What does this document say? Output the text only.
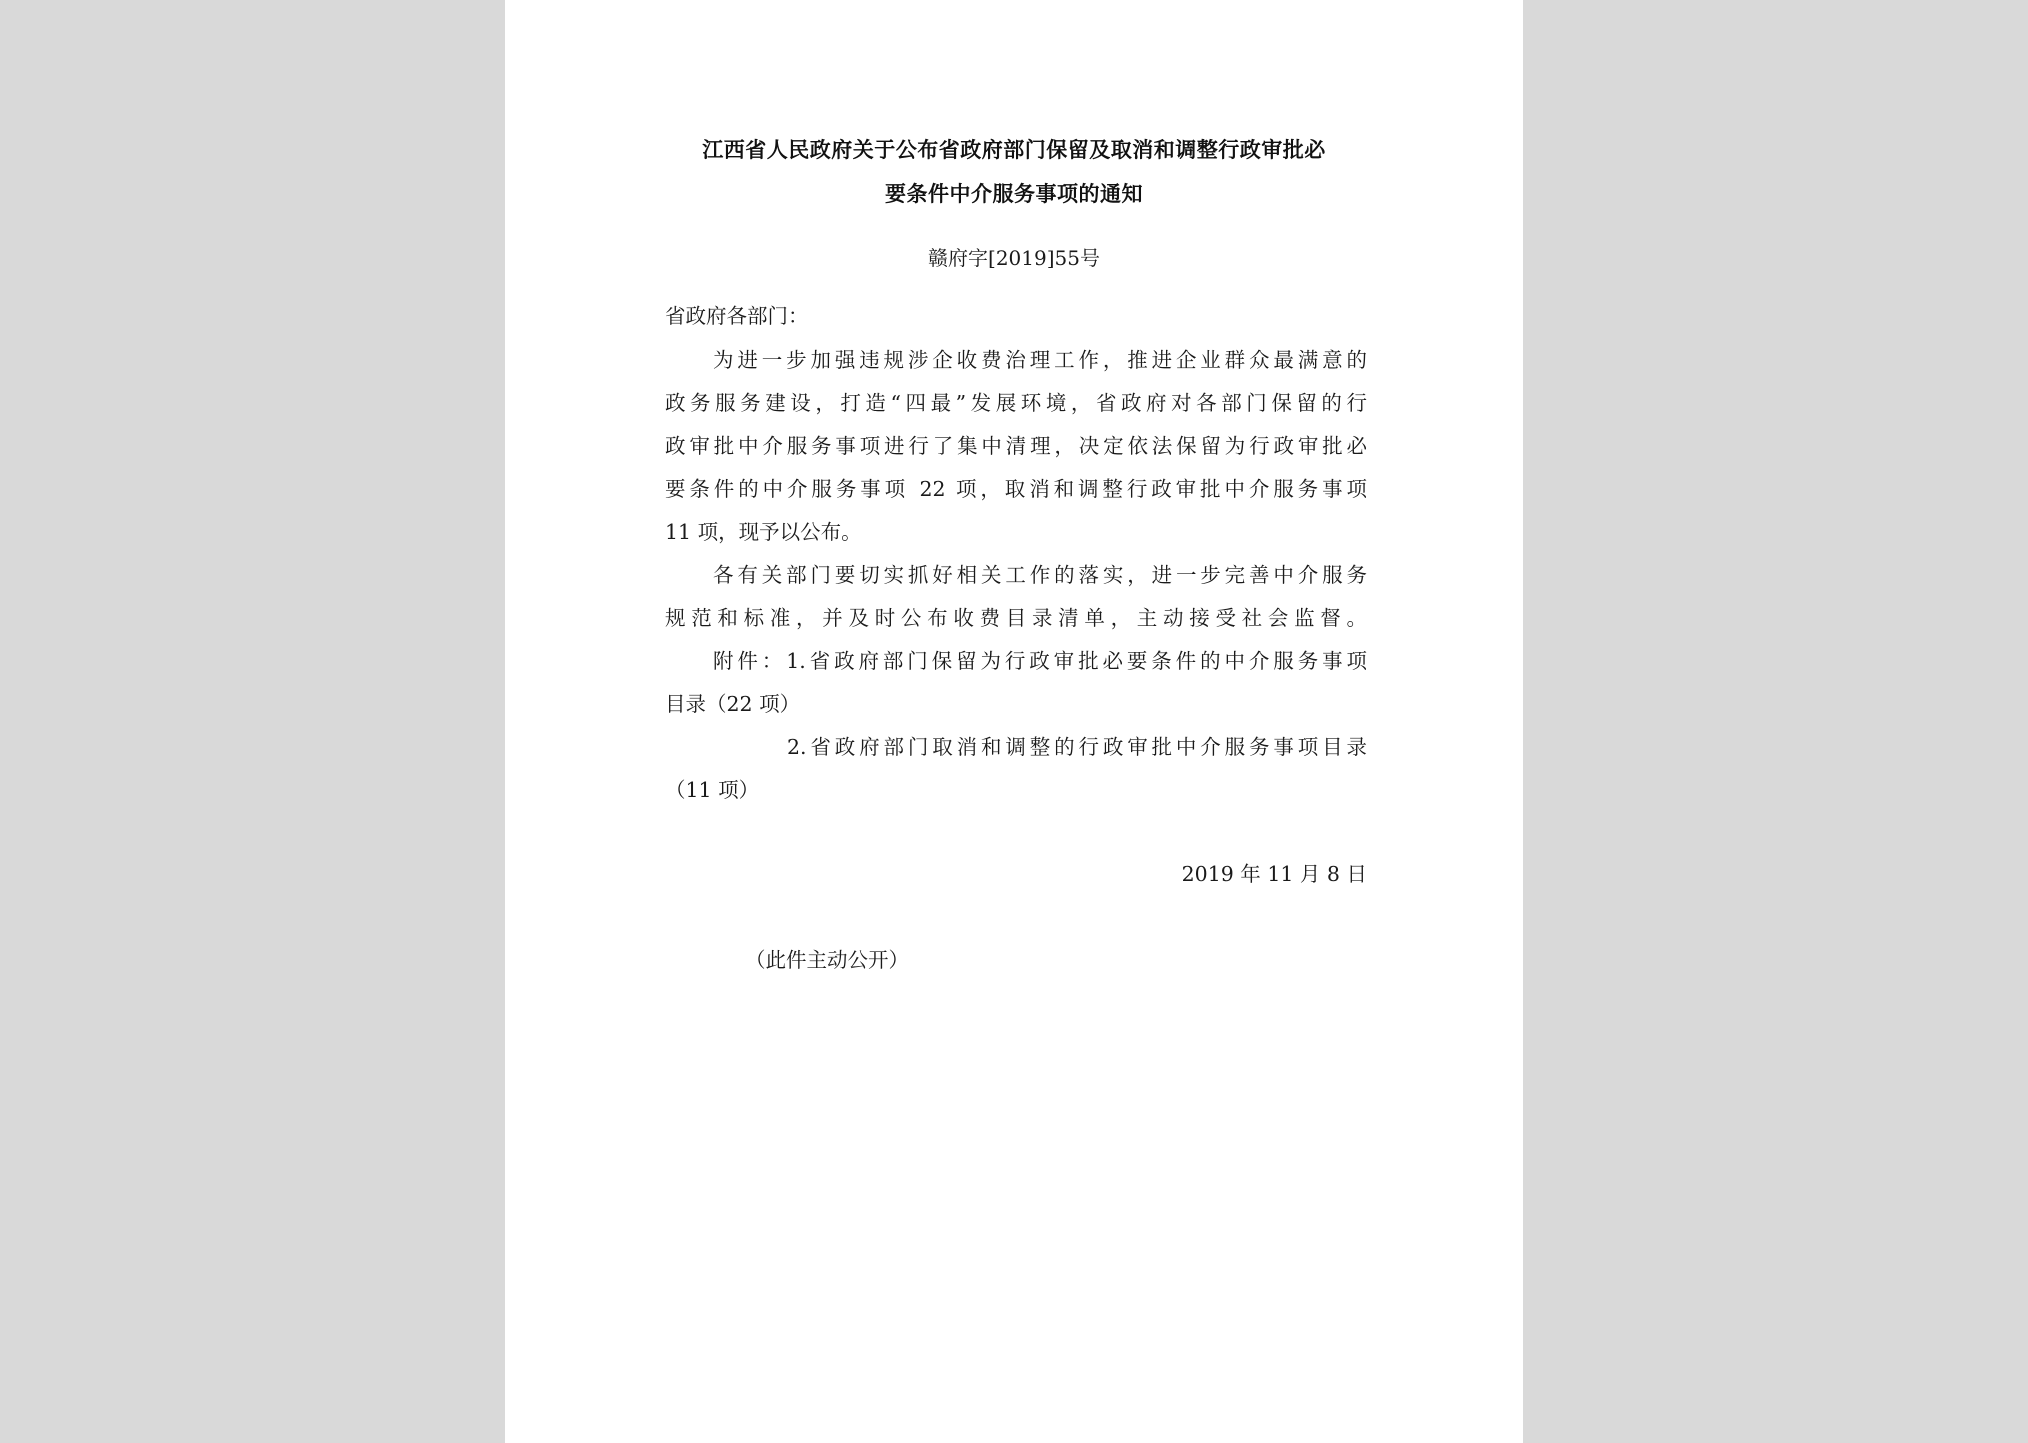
江西省人民政府关于公布省政府部门保留及取消和调整行政审批必
要条件中介服务事项的通知
赣府字[2019]55号
省政府各部门：
为进一步加强违规涉企收费治理工作，推进企业群众最满意的
政务服务建设，打造“四最”发展环境，省政府对各部门保留的行
政审批中介服务事项进行了集中清理，决定依法保留为行政审批必
要条件的中介服务事项 22 项，取消和调整行政审批中介服务事项
11 项，现予以公布。
各有关部门要切实抓好相关工作的落实，进一步完善中介服务
规范和标准，并及时公布收费目录清单，主动接受社会监督。
附件：1.省政府部门保留为行政审批必要条件的中介服务事项
目录（22 项）
2.省政府部门取消和调整的行政审批中介服务事项目录
（11 项）
2019 年 11 月 8 日
（此件主动公开）
